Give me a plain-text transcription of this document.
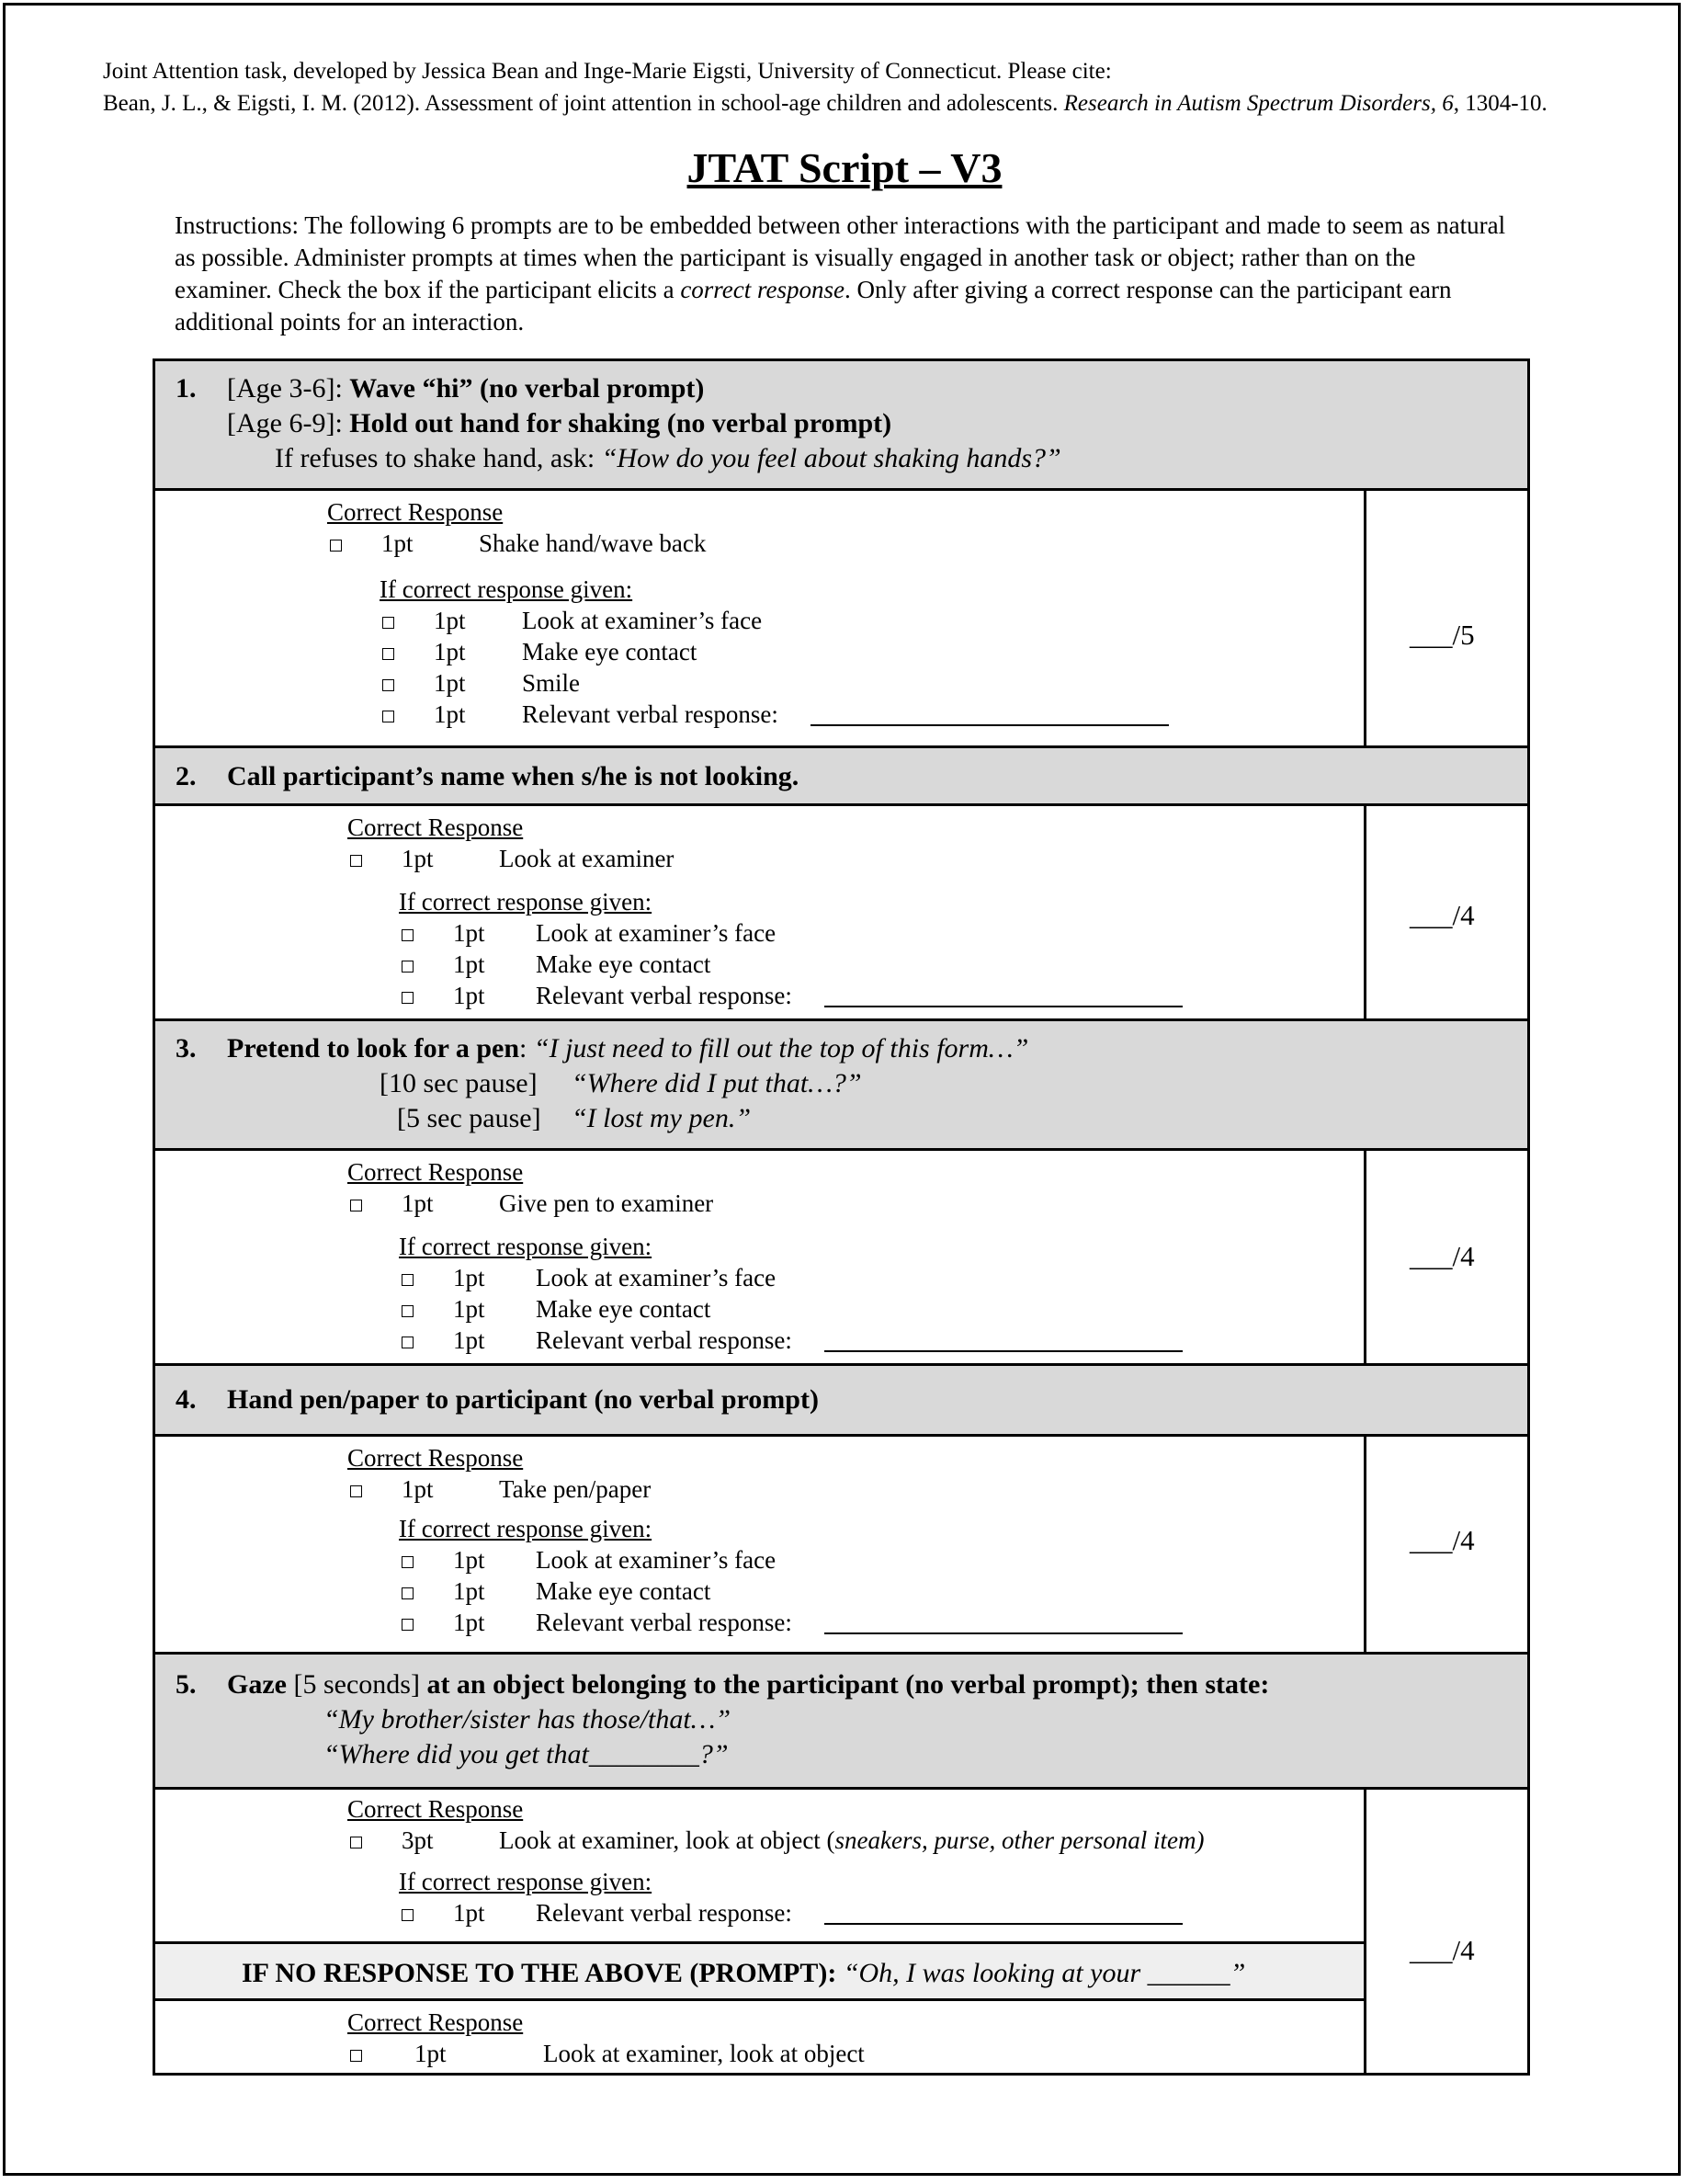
Joint Attention task, developed by Jessica Bean and Inge-Marie Eigsti, University of Connecticut. Please cite:
Bean, J. L., & Eigsti, I. M. (2012). Assessment of joint attention in school-age children and adolescents. Research in Autism Spectrum Disorders, 6, 1304-10.
JTAT Script – V3
Instructions: The following 6 prompts are to be embedded between other interactions with the participant and made to seem as natural as possible. Administer prompts at times when the participant is visually engaged in another task or object; rather than on the examiner. Check the box if the participant elicits a correct response. Only after giving a correct response can the participant earn additional points for an interaction.
1. [Age 3-6]: Wave “hi” (no verbal prompt)
[Age 6-9]: Hold out hand for shaking (no verbal prompt)
If refuses to shake hand, ask: “How do you feel about shaking hands?”
Correct Response
1pt	Shake hand/wave back
If correct response given:
1pt Look at examiner’s face
1pt Make eye contact
1pt Smile
1pt Relevant verbal response:
___/5
2. Call participant’s name when s/he is not looking.
Correct Response
1pt	Look at examiner
If correct response given:
1pt Look at examiner’s face
1pt Make eye contact
1pt Relevant verbal response:
___/4
3. Pretend to look for a pen: “I just need to fill out the top of this form…”
[10 sec pause] “Where did I put that…?”
[5 sec pause] “I lost my pen.”
Correct Response
1pt	Give pen to examiner
If correct response given:
1pt Look at examiner’s face
1pt Make eye contact
1pt Relevant verbal response:
___/4
4. Hand pen/paper to participant (no verbal prompt)
Correct Response
1pt	Take pen/paper
If correct response given:
1pt Look at examiner’s face
1pt Make eye contact
1pt Relevant verbal response:
___/4
5. Gaze [5 seconds] at an object belonging to the participant (no verbal prompt); then state:
“My brother/sister has those/that…”
“Where did you get that________?”
Correct Response
3pt	Look at examiner, look at object (sneakers, purse, other personal item)
If correct response given:
1pt Relevant verbal response:
IF NO RESPONSE TO THE ABOVE (PROMPT): “Oh, I was looking at your ______”
Correct Response
1pt	Look at examiner, look at object
___/4
